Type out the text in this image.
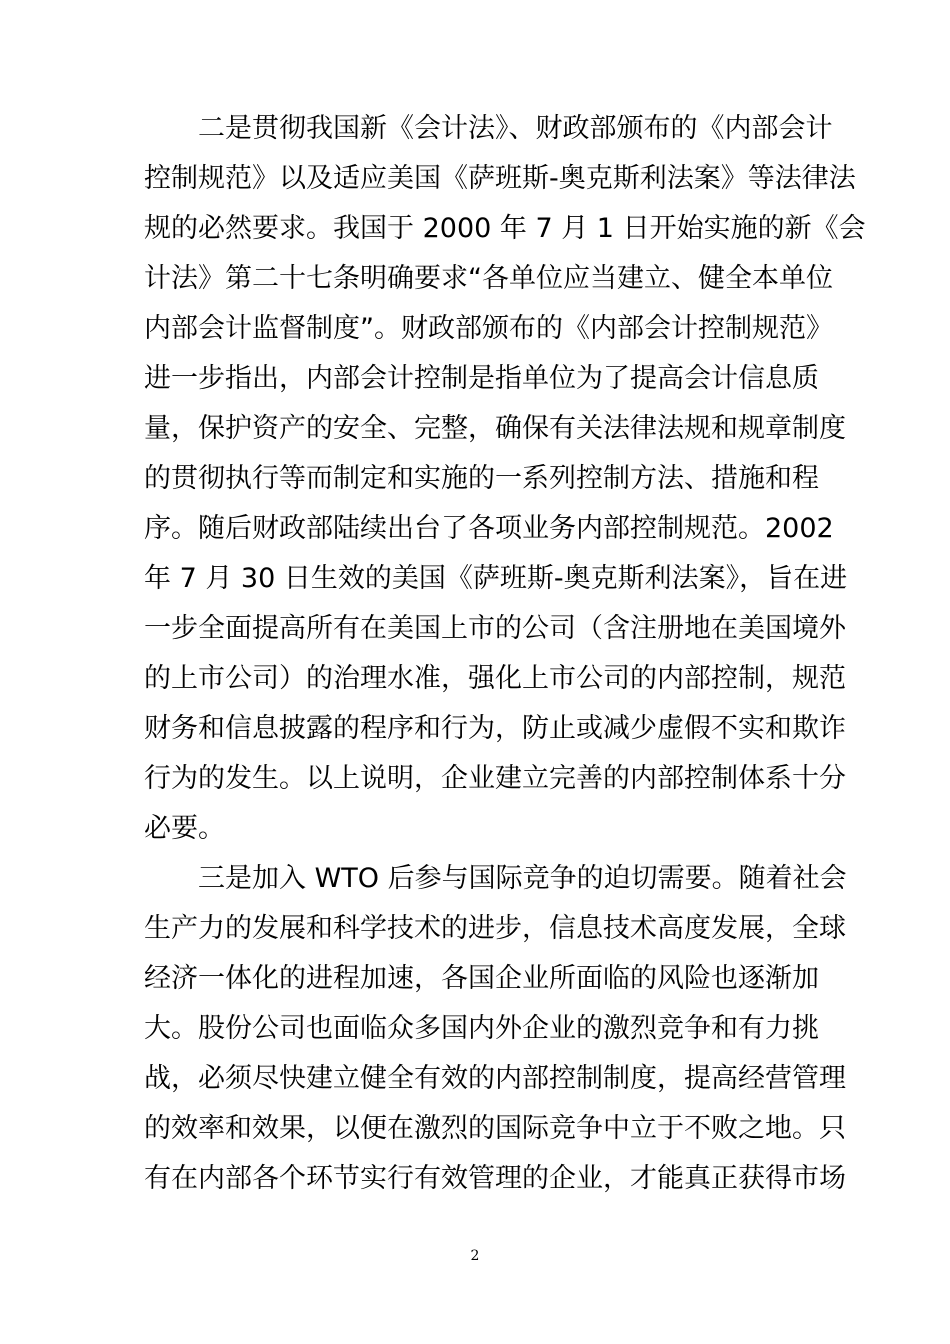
二是贯彻我国新《会计法》、财政部颁布的《内部会计
控制规范》以及适应美国《萨班斯-奥克斯利法案》等法律法
规的必然要求。我国于 2000 年 7 月 1 日开始实施的新《会
计法》第二十七条明确要求“各单位应当建立、健全本单位
内部会计监督制度”。财政部颁布的《内部会计控制规范》
进一步指出，内部会计控制是指单位为了提高会计信息质
量，保护资产的安全、完整，确保有关法律法规和规章制度
的贯彻执行等而制定和实施的一系列控制方法、措施和程
序。随后财政部陆续出台了各项业务内部控制规范。2002
年 7 月 30 日生效的美国《萨班斯-奥克斯利法案》，旨在进
一步全面提高所有在美国上市的公司（含注册地在美国境外
的上市公司）的治理水准，强化上市公司的内部控制，规范
财务和信息披露的程序和行为，防止或减少虚假不实和欺诈
行为的发生。以上说明，企业建立完善的内部控制体系十分
必要。
三是加入 WTO 后参与国际竞争的迫切需要。随着社会
生产力的发展和科学技术的进步，信息技术高度发展，全球
经济一体化的进程加速，各国企业所面临的风险也逐渐加
大。股份公司也面临众多国内外企业的激烈竞争和有力挑
战，必须尽快建立健全有效的内部控制制度，提高经营管理
的效率和效果，以便在激烈的国际竞争中立于不败之地。只
有在内部各个环节实行有效管理的企业，才能真正获得市场
2
